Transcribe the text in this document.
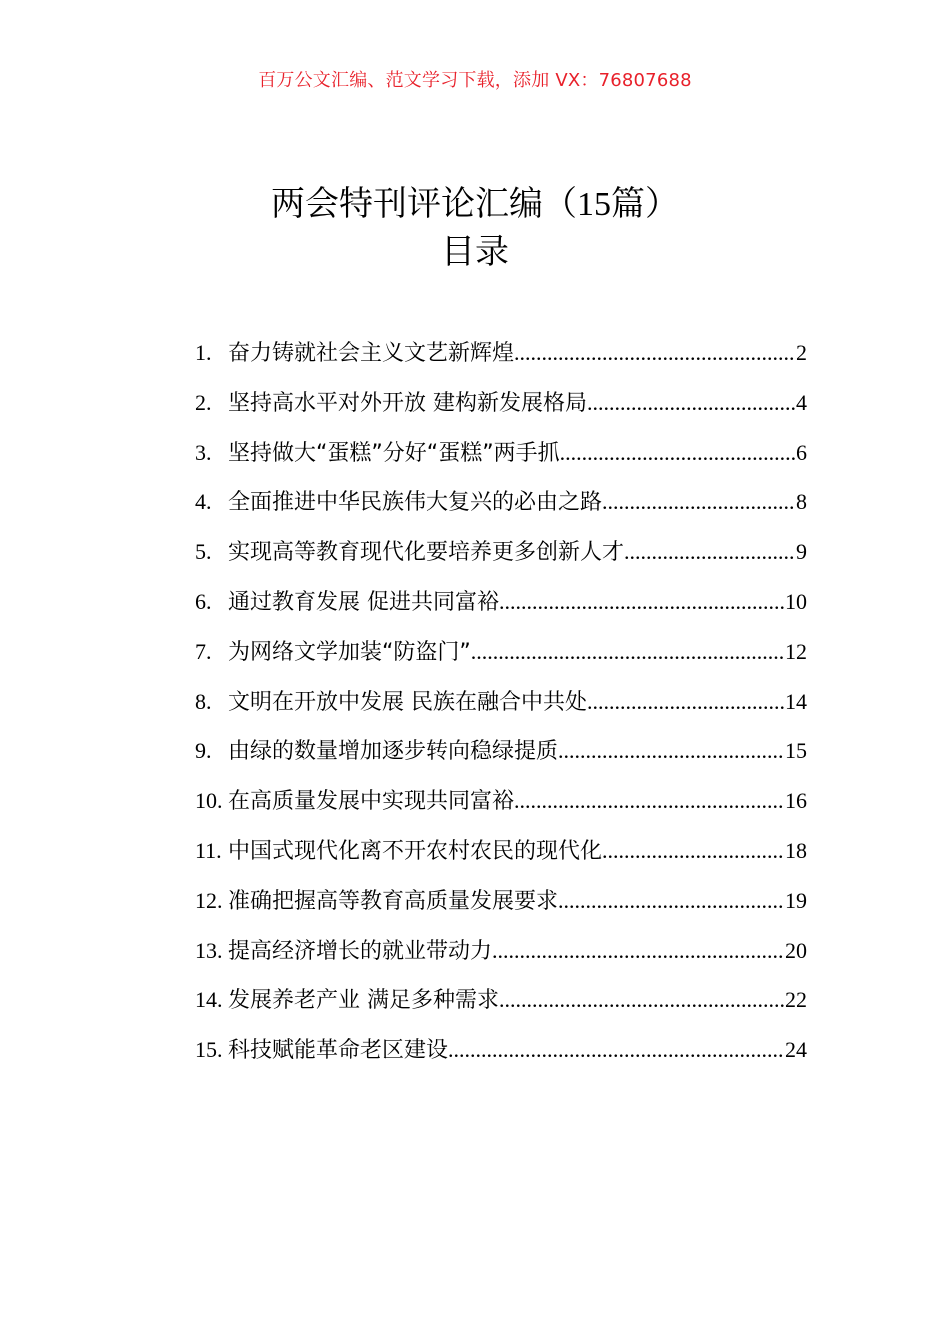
百万公文汇编、范文学习下载，添加 VX：76807688
两会特刊评论汇编（15篇）
目录
1. 奋力铸就社会主义文艺新辉煌 .....	2
2. 坚持高水平对外开放 建构新发展格局 .....	4
3. 坚持做大“蛋糕”分好“蛋糕”两手抓 .....	6
4. 全面推进中华民族伟大复兴的必由之路 .....	8
5. 实现高等教育现代化要培养更多创新人才 .....	9
6. 通过教育发展 促进共同富裕 .....	10
7. 为网络文学加装“防盗门” .....	12
8. 文明在开放中发展 民族在融合中共处 .....	14
9. 由绿的数量增加逐步转向稳绿提质 .....	15
10. 在高质量发展中实现共同富裕 .....	16
11. 中国式现代化离不开农村农民的现代化 .....	18
12. 准确把握高等教育高质量发展要求 .....	19
13. 提高经济增长的就业带动力 .....	20
14. 发展养老产业 满足多种需求 .....	22
15. 科技赋能革命老区建设 .....	24
